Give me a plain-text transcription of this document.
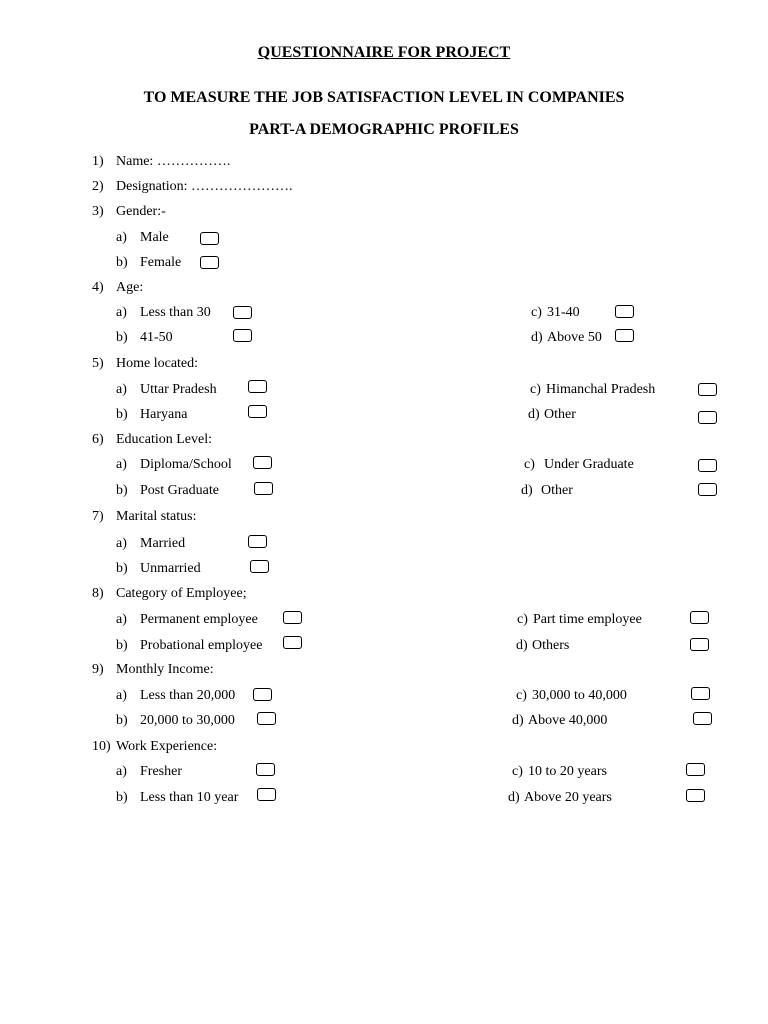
QUESTIONNAIRE FOR PROJECT
TO MEASURE THE JOB SATISFACTION LEVEL IN COMPANIES
PART-A DEMOGRAPHIC PROFILES
1) Name: …………….
2) Designation: ………………….
3) Gender:-
a) Male
b) Female
4) Age:
a) Less than 30
b) 41-50
c) 31-40
d) Above 50
5) Home located:
a) Uttar Pradesh
b) Haryana
c) Himanchal Pradesh
d) Other
6) Education Level:
a) Diploma/School
b) Post Graduate
c) Under Graduate
d) Other
7) Marital status:
a) Married
b) Unmarried
8) Category of Employee;
a) Permanent employee
b) Probational employee
c) Part time employee
d) Others
9) Monthly Income:
a) Less than 20,000
b) 20,000 to 30,000
c) 30,000 to 40,000
d) Above 40,000
10) Work Experience:
a) Fresher
b) Less than 10 year
c) 10 to 20 years
d) Above 20 years
